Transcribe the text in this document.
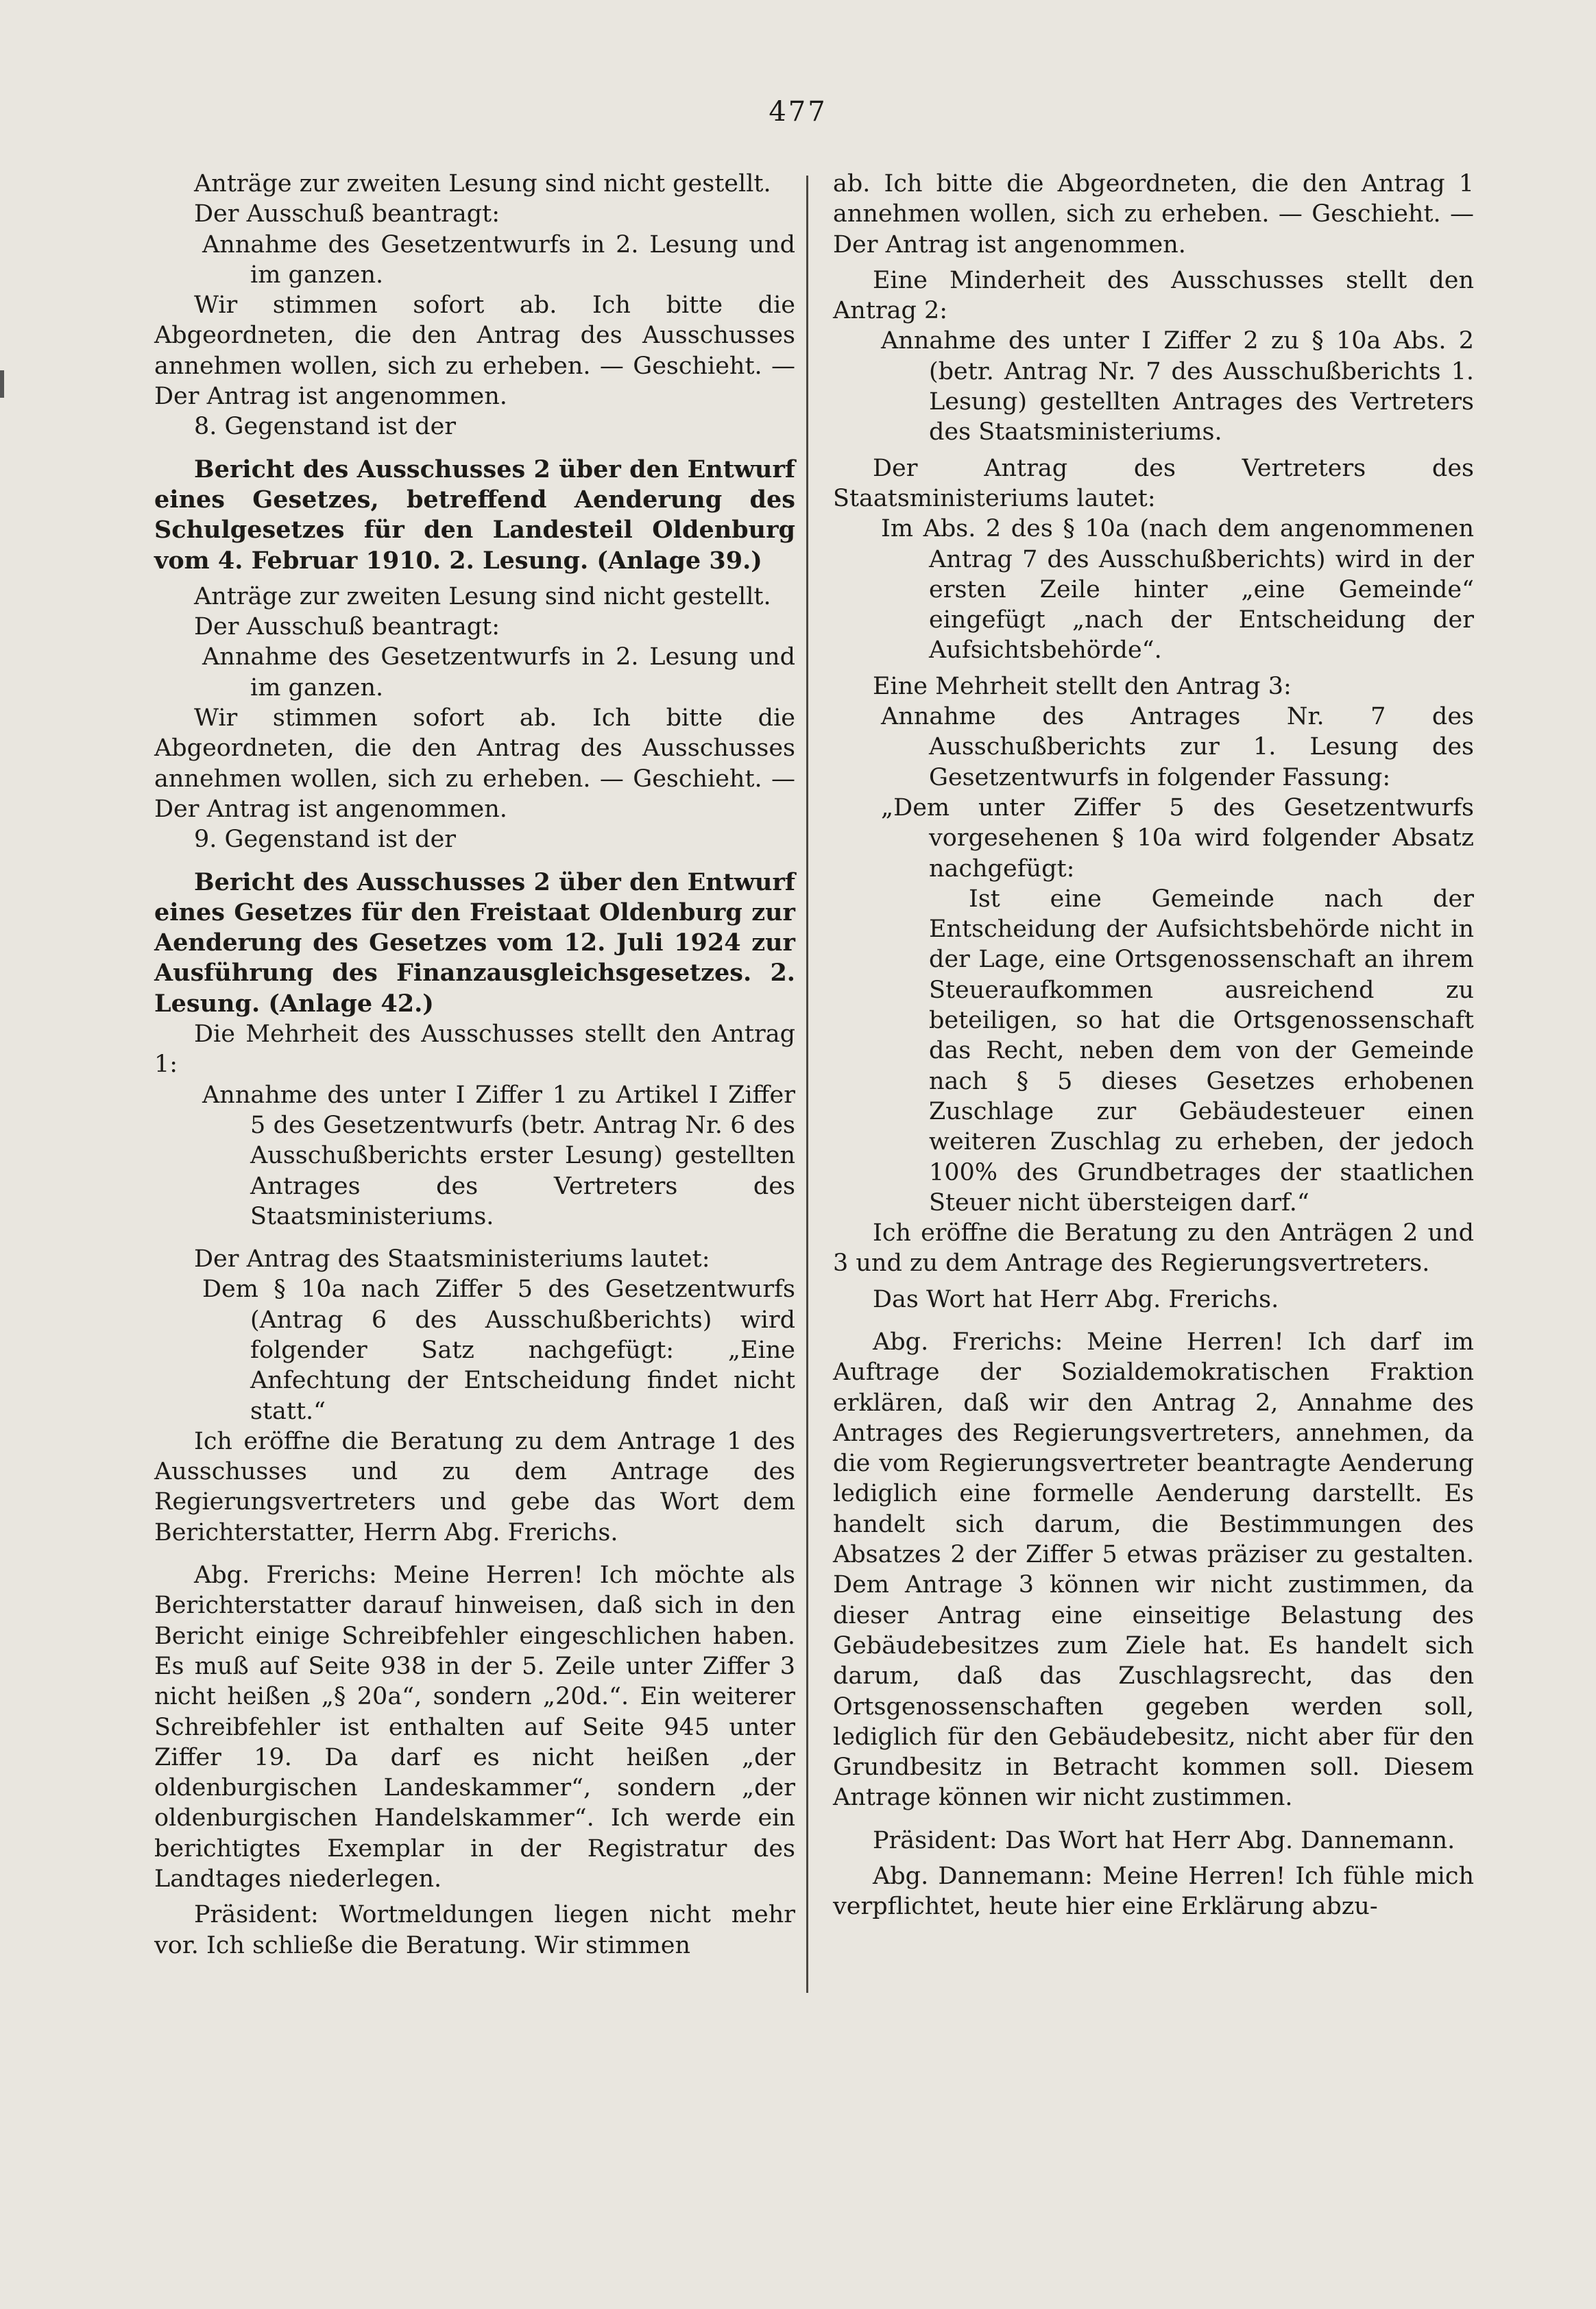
477

Anträge zur zweiten Lesung sind nicht gestellt.

Der Ausschuß beantragt:

Annahme des Gesetzentwurfs in 2. Lesung und im ganzen.

Wir stimmen sofort ab. Ich bitte die Abgeordneten, die den Antrag des Ausschusses annehmen wollen, sich zu erheben. — Geschieht. — Der Antrag ist angenommen.

8. Gegenstand ist der

Bericht des Ausschusses 2 über den Entwurf eines Gesetzes, betreffend Aenderung des Schulgesetzes für den Landesteil Oldenburg vom 4. Februar 1910. 2. Lesung. (Anlage 39.)

Anträge zur zweiten Lesung sind nicht gestellt.

Der Ausschuß beantragt:

Annahme des Gesetzentwurfs in 2. Lesung und im ganzen.

Wir stimmen sofort ab. Ich bitte die Abgeordneten, die den Antrag des Ausschusses annehmen wollen, sich zu erheben. — Geschieht. — Der Antrag ist angenommen.

9. Gegenstand ist der

Bericht des Ausschusses 2 über den Entwurf eines Gesetzes für den Freistaat Oldenburg zur Aenderung des Gesetzes vom 12. Juli 1924 zur Ausführung des Finanzausgleichsgesetzes. 2. Lesung. (Anlage 42.)

Die Mehrheit des Ausschusses stellt den Antrag 1:

Annahme des unter I Ziffer 1 zu Artikel I Ziffer 5 des Gesetzentwurfs (betr. Antrag Nr. 6 des Ausschußberichts erster Lesung) gestellten Antrages des Vertreters des Staatsministeriums.

Der Antrag des Staatsministeriums lautet:

Dem § 10a nach Ziffer 5 des Gesetzentwurfs (Antrag 6 des Ausschußberichts) wird folgender Satz nachgefügt: „Eine Anfechtung der Entscheidung findet nicht statt.“

Ich eröffne die Beratung zu dem Antrage 1 des Ausschusses und zu dem Antrage des Regierungsvertreters und gebe das Wort dem Berichterstatter, Herrn Abg. Frerichs.

Abg. Frerichs: Meine Herren! Ich möchte als Berichterstatter darauf hinweisen, daß sich in den Bericht einige Schreibfehler eingeschlichen haben. Es muß auf Seite 938 in der 5. Zeile unter Ziffer 3 nicht heißen „§ 20a“, sondern „20d.“. Ein weiterer Schreibfehler ist enthalten auf Seite 945 unter Ziffer 19. Da darf es nicht heißen „der oldenburgischen Landeskammer“, sondern „der oldenburgischen Handelskammer“. Ich werde ein berichtigtes Exemplar in der Registratur des Landtages niederlegen.

Präsident: Wortmeldungen liegen nicht mehr vor. Ich schließe die Beratung. Wir stimmen

ab. Ich bitte die Abgeordneten, die den Antrag 1 annehmen wollen, sich zu erheben. — Geschieht. — Der Antrag ist angenommen.

Eine Minderheit des Ausschusses stellt den Antrag 2:

Annahme des unter I Ziffer 2 zu § 10a Abs. 2 (betr. Antrag Nr. 7 des Ausschußberichts 1. Lesung) gestellten Antrages des Vertreters des Staatsministeriums.

Der Antrag des Vertreters des Staatsministeriums lautet:

Im Abs. 2 des § 10a (nach dem angenommenen Antrag 7 des Ausschußberichts) wird in der ersten Zeile hinter „eine Gemeinde“ eingefügt „nach der Entscheidung der Aufsichtsbehörde“.

Eine Mehrheit stellt den Antrag 3:

Annahme des Antrages Nr. 7 des Ausschußberichts zur 1. Lesung des Gesetzentwurfs in folgender Fassung:

„Dem unter Ziffer 5 des Gesetzentwurfs vorgesehenen § 10a wird folgender Absatz nachgefügt:

Ist eine Gemeinde nach der Entscheidung der Aufsichtsbehörde nicht in der Lage, eine Ortsgenossenschaft an ihrem Steueraufkommen ausreichend zu beteiligen, so hat die Ortsgenossenschaft das Recht, neben dem von der Gemeinde nach § 5 dieses Gesetzes erhobenen Zuschlage zur Gebäudesteuer einen weiteren Zuschlag zu erheben, der jedoch 100% des Grundbetrages der staatlichen Steuer nicht übersteigen darf.“

Ich eröffne die Beratung zu den Anträgen 2 und 3 und zu dem Antrage des Regierungsvertreters.

Das Wort hat Herr Abg. Frerichs.

Abg. Frerichs: Meine Herren! Ich darf im Auftrage der Sozialdemokratischen Fraktion erklären, daß wir den Antrag 2, Annahme des Antrages des Regierungsvertreters, annehmen, da die vom Regierungsvertreter beantragte Aenderung lediglich eine formelle Aenderung darstellt. Es handelt sich darum, die Bestimmungen des Absatzes 2 der Ziffer 5 etwas präziser zu gestalten. Dem Antrage 3 können wir nicht zustimmen, da dieser Antrag eine einseitige Belastung des Gebäudebesitzes zum Ziele hat. Es handelt sich darum, daß das Zuschlagsrecht, das den Ortsgenossenschaften gegeben werden soll, lediglich für den Gebäudebesitz, nicht aber für den Grundbesitz in Betracht kommen soll. Diesem Antrage können wir nicht zustimmen.

Präsident: Das Wort hat Herr Abg. Dannemann.

Abg. Dannemann: Meine Herren! Ich fühle mich verpflichtet, heute hier eine Erklärung abzu-
